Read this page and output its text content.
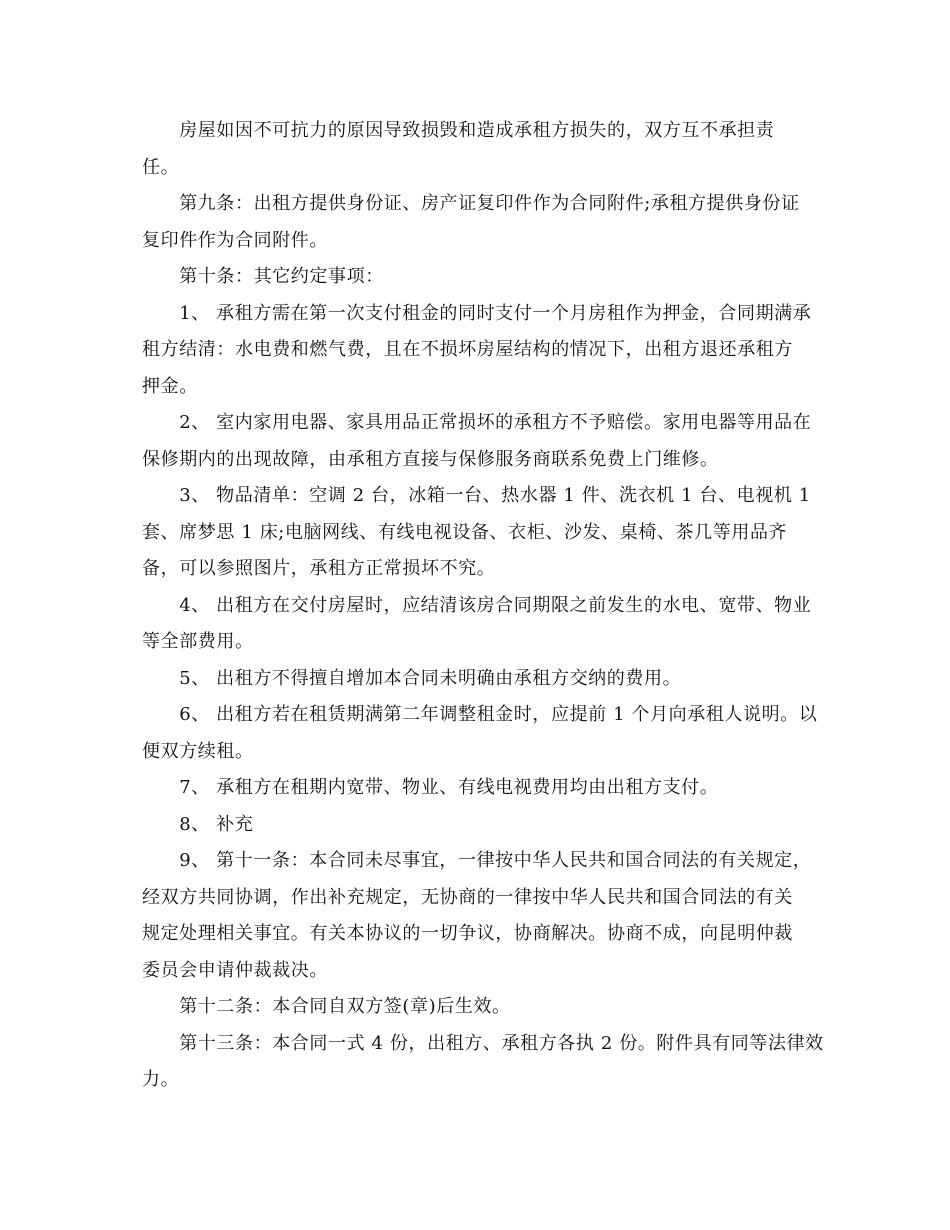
　　房屋如因不可抗力的原因导致损毁和造成承租方损失的，双方互不承担责
任。
　　第九条：出租方提供身份证、房产证复印件作为合同附件;承租方提供身份证
复印件作为合同附件。
　　第十条：其它约定事项：
　　1、 承租方需在第一次支付租金的同时支付一个月房租作为押金，合同期满承
租方结清：水电费和燃气费，且在不损坏房屋结构的情况下，出租方退还承租方
押金。
　　2、 室内家用电器、家具用品正常损坏的承租方不予赔偿。家用电器等用品在
保修期内的出现故障，由承租方直接与保修服务商联系免费上门维修。
　　3、 物品清单：空调 2 台，冰箱一台、热水器 1 件、洗衣机 1 台、电视机 1
套、席梦思 1 床;电脑网线、有线电视设备、衣柜、沙发、桌椅、茶几等用品齐
备，可以参照图片，承租方正常损坏不究。
　　4、 出租方在交付房屋时，应结清该房合同期限之前发生的水电、宽带、物业
等全部费用。
　　5、 出租方不得擅自增加本合同未明确由承租方交纳的费用。
　　6、 出租方若在租赁期满第二年调整租金时，应提前 1 个月向承租人说明。以
便双方续租。
　　7、 承租方在租期内宽带、物业、有线电视费用均由出租方支付。
　　8、 补充
　　9、 第十一条：本合同未尽事宜，一律按中华人民共和国合同法的有关规定，
经双方共同协调，作出补充规定，无协商的一律按中华人民共和国合同法的有关
规定处理相关事宜。有关本协议的一切争议，协商解决。协商不成，向昆明仲裁
委员会申请仲裁裁决。
　　第十二条：本合同自双方签(章)后生效。
　　第十三条：本合同一式 4 份，出租方、承租方各执 2 份。附件具有同等法律效
力。
